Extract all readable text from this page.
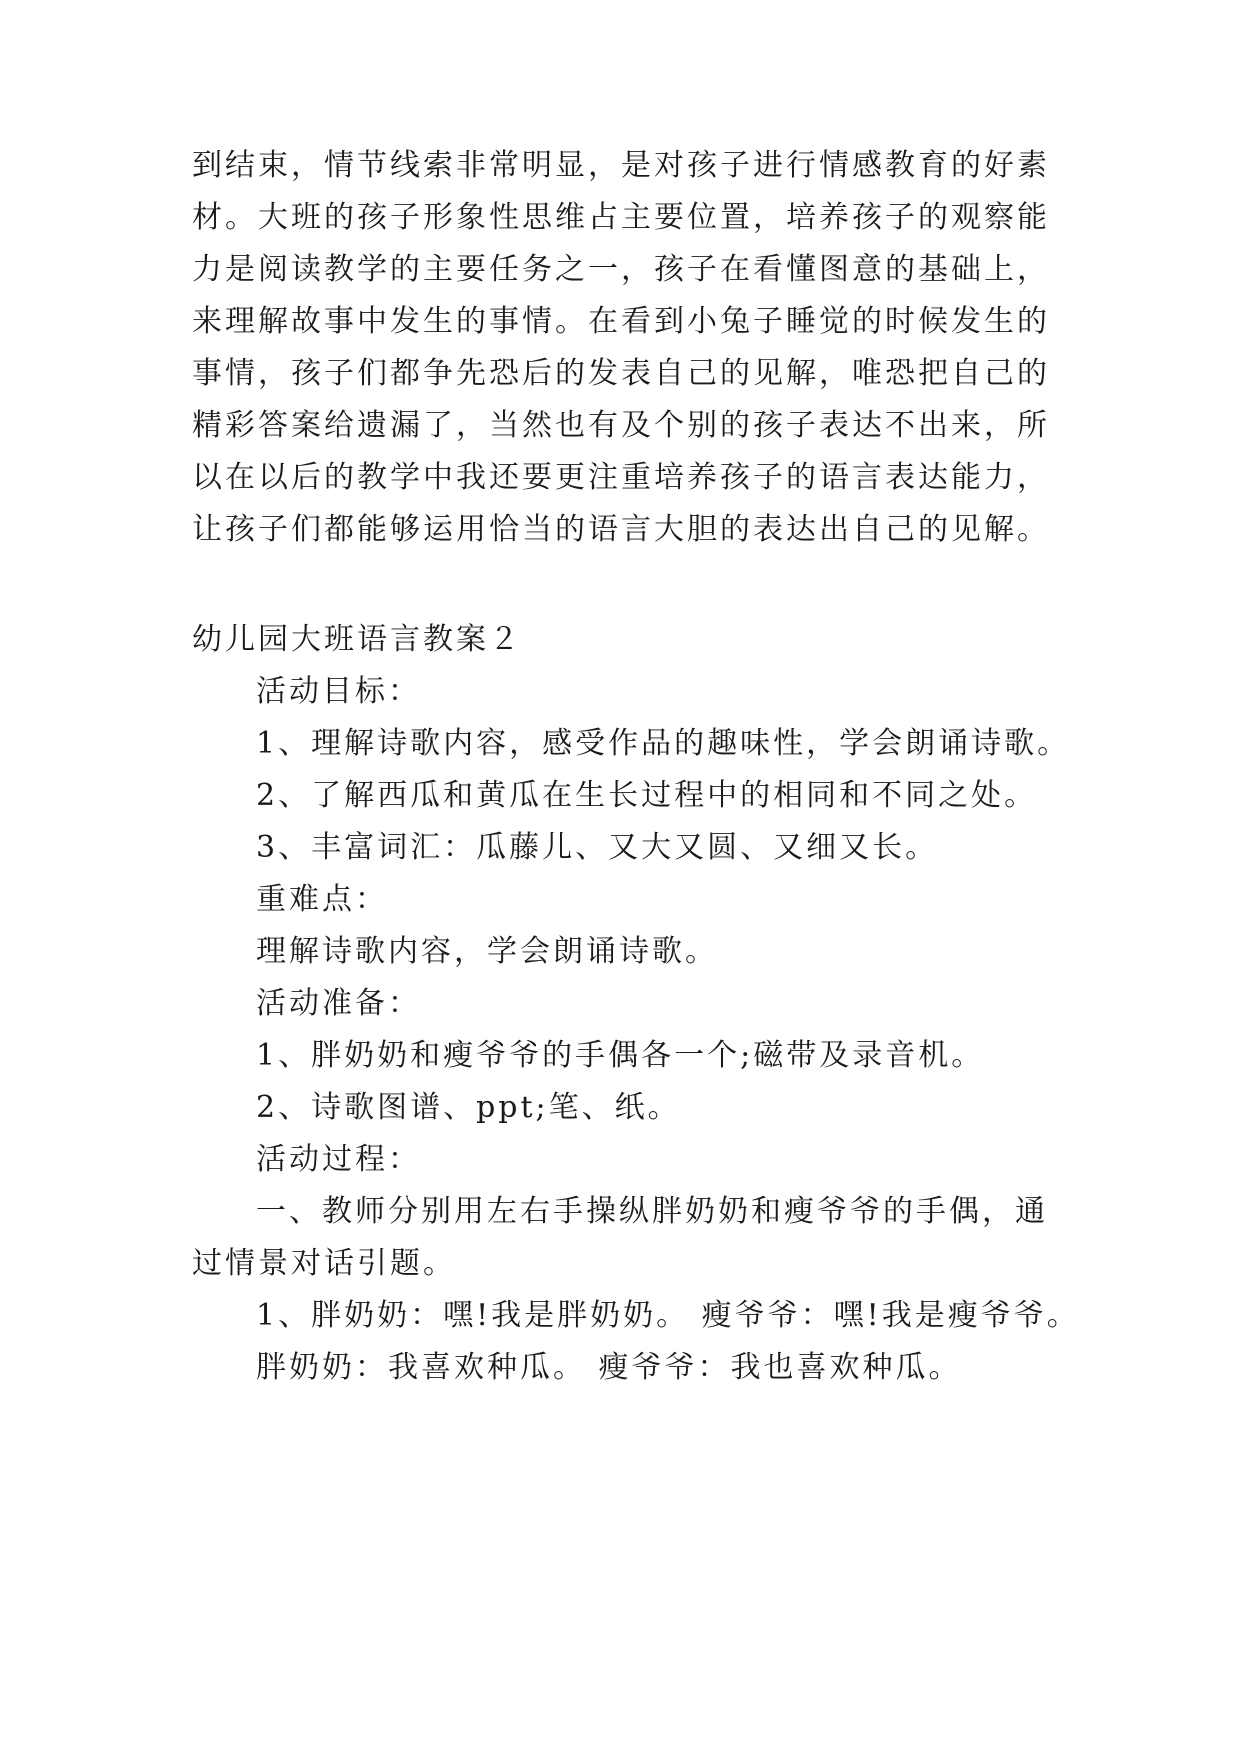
到结束，情节线索非常明显，是对孩子进行情感教育的好素
材。大班的孩子形象性思维占主要位置，培养孩子的观察能
力是阅读教学的主要任务之一，孩子在看懂图意的基础上，
来理解故事中发生的事情。在看到小兔子睡觉的时候发生的
事情，孩子们都争先恐后的发表自己的见解，唯恐把自己的
精彩答案给遗漏了，当然也有及个别的孩子表达不出来，所
以在以后的教学中我还要更注重培养孩子的语言表达能力，
让孩子们都能够运用恰当的语言大胆的表达出自己的见解。
幼儿园大班语言教案２
活动目标：
1、理解诗歌内容，感受作品的趣味性，学会朗诵诗歌。
2、了解西瓜和黄瓜在生长过程中的相同和不同之处。
3、丰富词汇：瓜藤儿、又大又圆、又细又长。
重难点：
理解诗歌内容，学会朗诵诗歌。
活动准备：
1、胖奶奶和瘦爷爷的手偶各一个;磁带及录音机。
2、诗歌图谱、ppt;笔、纸。
活动过程：
一、教师分别用左右手操纵胖奶奶和瘦爷爷的手偶，通
过情景对话引题。
1、胖奶奶：嘿!我是胖奶奶。 瘦爷爷：嘿!我是瘦爷爷。
胖奶奶：我喜欢种瓜。 瘦爷爷：我也喜欢种瓜。
